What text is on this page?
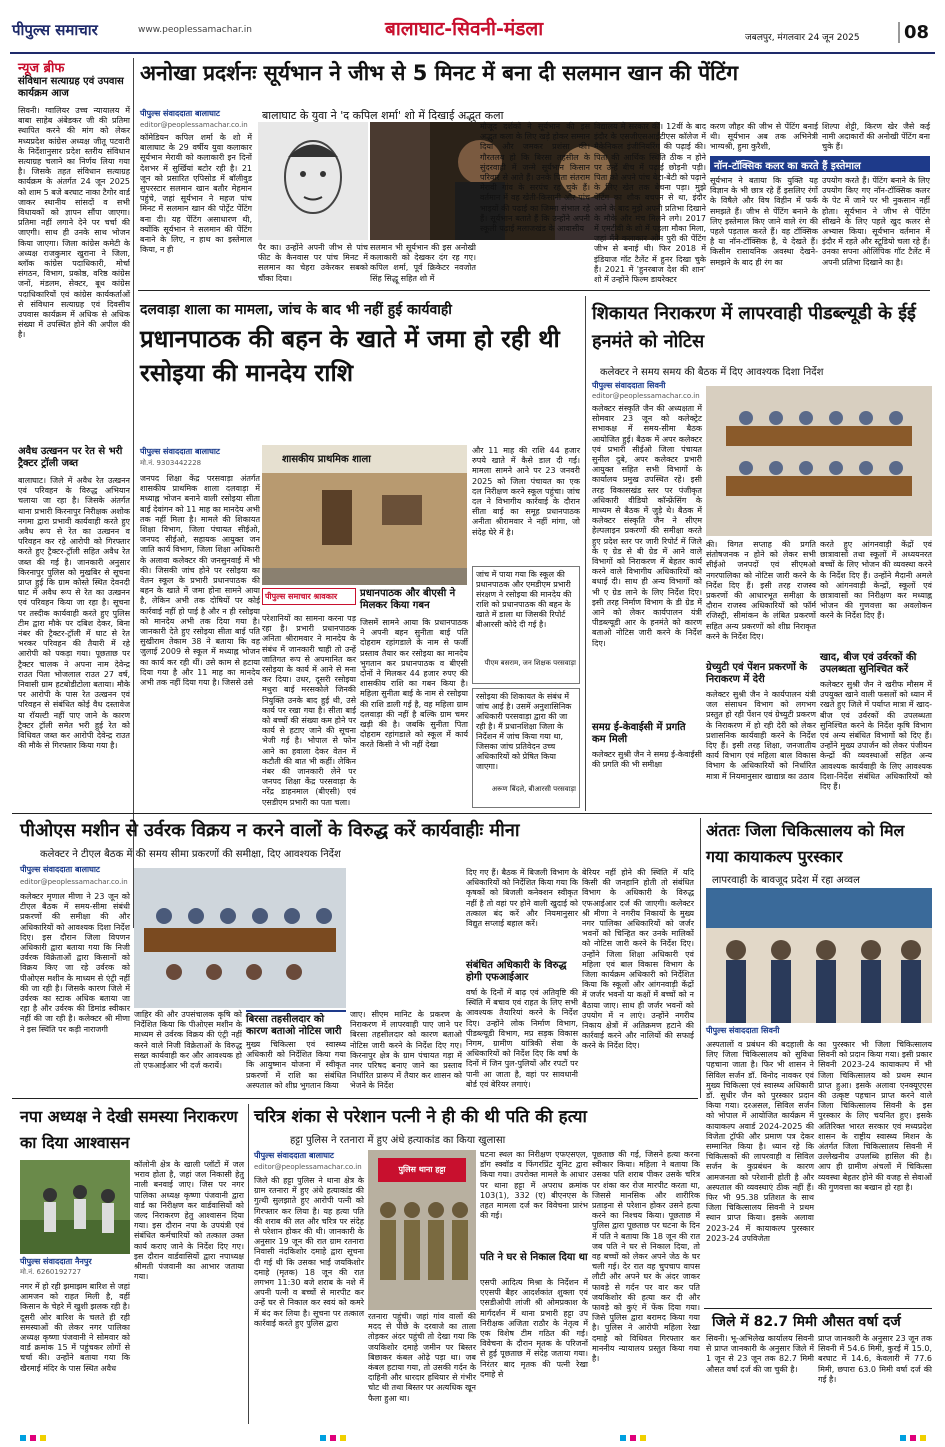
पीपुल्स समाचार	www.peoplessamachar.in	बालाघाट-सिवनी-मंडला	जबलपुर, मंगलवार 24 जून 2025	08
न्यूज ब्रीफ
संविधान सत्याग्रह एवं उपवास कार्यक्रम आज
सिवनी। ग्वालियर उच्च न्यायालय में बाबा साहेब अंबेडकर जी की प्रतिमा स्थापित करने की मांग को लेकर मध्यप्रदेश कांग्रेस अध्यक्ष जीतू पटवारी के निर्देशानुसार प्रदेश स्तरीय संविधान सत्याग्रह चलाने का निर्णय लिया गया है। जिसके तहत संविधान सत्याग्रह कार्यक्रम के अंतर्गत 24 जून 2025 को शाम 5 बजे बरघाट नाका टैगोर वार्ड जाकर स्थानीय सांसदों व सभी विधायकों को ज्ञापन सौंपा जाएगा। प्रतिमा नहीं लगाने देने पर चर्चा की जाएगी। साथ ही उनके साथ भोजन किया जाएगा। जिला कांग्रेस कमेटी के अध्यक्ष राजकुमार खुराना ने जिला, ब्लॉक कांग्रेस पदाधिकारी, मोर्चा संगठन, विभाग, प्रकोष्ठ, वरिष्ठ कांग्रेस जनों, मंडलम, सेक्टर, बूथ कांग्रेस पदाधिकारियों एवं कांग्रेस कार्यकर्ताओं से संविधान सत्याग्रह एवं दिवसीय उपवास कार्यक्रम में अधिक से अधिक संख्या में उपस्थित होने की अपील की है।
अवैध उत्खनन पर रेत से भरी ट्रैक्टर ट्रॉली जब्त
बालाघाट। जिले में अवैध रेत उत्खनन एवं परिवहन के विरुद्ध अभियान चलाया जा रहा है। जिसके अंतर्गत थाना प्रभारी किरनापुर निरीक्षक अशोक नगमा द्वारा प्रभावी कार्यवाही करते हुए अवैध रूप से रेत का उत्खनन व परिवहन कर रहे आरोपी को गिरफ्तार करते हुए ट्रैक्टर-ट्रॉली सहित अवैध रेत जब्त की गई है। जानकारी अनुसार किरनापुर पुलिस को मुखबिर से सूचना प्राप्त हुई कि ग्राम कोस्ते स्थित देवनदी घाट में अवैध रूप से रेत का उत्खनन एवं परिवहन किया जा रहा है। सूचना पर तस्दीक कार्यवाही करते हुए पुलिस टीम द्वारा मौके पर दबिश देकर, बिना नंबर की ट्रैक्टर-ट्रॉली में घाट से रेत भरकर परिवहन की तैयारी में रहे आरोपी को पकड़ा गया। पूछताछ पर ट्रैक्टर चालक ने अपना नाम देवेन्द्र राउत पिता भोजलाल राउत 27 वर्ष, निवासी ग्राम हटबोडीटोला बताया। मौके पर आरोपी के पास रेत उत्खनन एवं परिवहन से संबंधित कोई वैध दस्तावेज या रॉयल्टी नहीं पाए जाने के कारण ट्रैक्टर ट्रॉली समेत भरी हुई रेत को विधिवत जब्त कर आरोपी देवेन्द्र राउत की मौके से गिरफ्तार किया गया है।
अनोखा प्रदर्शनः सूर्यभान ने जीभ से 5 मिनट में बना दी सलमान खान की पेंटिंग
बालाघाट के युवा ने 'द कपिल शर्मा' शो में दिखाई अद्भुत कला
पीपुल्स संवाददाता बालाघाट
editor@peoplessamachar.co.in
कॉमेडियन कपिल शर्मा के शो में बालाघाट के 29 वर्षीय युवा कलाकार सूर्यभान मेरावी को कलाकारी इन दिनों देशभर में सुर्खियां बटोर रही है। 21 जून को प्रसारित एपिसोड में बॉलीवुड सुपरस्टार सलमान खान बतौर मेहमान पहुंचे, जहां सूर्यभान ने महज पांच मिनट में सलमान खान की पोर्ट्रेट पेंटिंग बना दी। यह पेंटिंग असाधारण थी, क्योंकि सूर्यभान ने सलमान की पेंटिंग बनाने के लिए, न हाथ का इस्तेमाल किया, न ही	पैर का। उन्होंने अपनी जीभ से पांच फीट के कैनवास पर पांच मिनट में सलमान का चेहरा उकेरकर सबको चौंका दिया।
सलमान भी सूर्यभान की इस अनोखी कलाकारी को देखकर दंग रह गए। कपिल शर्मा, पूर्व क्रिकेटर नवजोत सिंह सिद्धू सहित शो में
मौजूद दर्शकों ने सूर्यभान की इस अद्भुत कला के लिए खड़े होकर सम्मान दिया और जमकर प्रशंसा की। गौरतलब हो कि बिरसा तहसील के सुंदरवाही में जन्मे सूर्यभान किसान परिवार से आते हैं। उनके पिता संतराम मेरावी गांव के सरपंच रह चुके हैं। वर्तमान में वह खेती-किसानी और पांच भाइयों की पढ़ाई का जिम्मा संभाल रहे हैं। सूर्यभान बताते हैं कि उन्होंने अपनी स्कूली पढ़ाई मलाजखंड के आवासीय
विद्यालय में सरकार की। 12वीं के बाद इंदौर के एसजीएसआईटीएस कॉलेज में मैकेनिकल इंजीनियरिंग की पढ़ाई की। पिता की आर्थिक स्थिति ठीक न होने पर उन्हें बीच में पढ़ाई छोड़नी पड़ी। पिता को अपने पांच बेटा-बेटी को पढ़ाने के लिए खेत तक बेचना पड़ा। मुझे पेंटिंग का शौक बचपन से था, इंदौर आने के बाद मुझे अपनी प्रतिभा दिखाने के मौके और मंच मिलने लगे। 2017 में एमटीवी के शो में पहला मौका मिला, जहां मैंने कलाकार ओम पुरी की पेंटिंग जीभ से बनाई थी। फिर 2018 में इंडियाज गॉट टैलेंट में हुनर दिखा चुके हैं। 2021 में 'हुनरबाज देश की शान' शो में उन्होंने फिल्म डायरेक्टर
करण जौहर की जीभ से पेंटिंग बनाई थी। सूर्यभान अब तक अभिनेत्री भाग्यश्री, हुमा कुरैशी,
शिल्पा शेट्टी, किरण खेर जैसे कई नामी अदाकारों की अनोखी पेंटिंग बना चुके हैं।
नॉन-टॉक्सिक कलर का करते हैं इस्तेमाल
सूर्यभान ने बताया कि युक्ति यह विज्ञान के भी छात्र रहे हैं इसलिए रंगों के विषैले और विष विहीन में फर्क समझते हैं। जीभ से पेंटिंग बनाने के लिए इस्तेमाल किए जाने वाले रंग की पहले पड़ताल करते हैं। वह टॉक्सिक है या नॉन-टॉक्सिक है, ये देखते हैं। किसीम रासायनिक अवस्था देखने-समझने के बाद ही रंग का
उपयोग करते हैं। पेंटिंग बनाने के लिए उपयोग किए गए नॉन-टॉक्सिक कलर के पेट में जाने पर भी नुकसान नहीं होता। सूर्यभान ने जीभ से पेंटिंग सीखने के लिए पहले खुद कलर से अभ्यास किया। सूर्यभान वर्तमान में इंदौर में रहते और स्टूडियो चला रहे हैं। उनका सपना ओलिंपिक गॉट टैलेंट में अपनी प्रतिभा दिखाने का है।
दलवाड़ा शाला का मामला, जांच के बाद भी नहीं हुई कार्यवाही
प्रधानपाठक की बहन के खाते में जमा हो रही थी रसोइया की मानदेय राशि
पीपुल्स संवाददाता बालाघाट
मो.नं. 9303442228
जनपद शिक्षा केंद्र परसवाड़ा अंतर्गत शासकीय प्राथमिक शाला दलवाड़ा में मध्याह्न भोजन बनाने वाली रसोइया सीता बाई देवांगन को 11 माह का मानदेय अभी तक नहीं मिला है। मामले की शिकायत शिक्षा विभाग, जिला पंचायत सीईओ, जनपद सीईओ, सहायक आयुक्त जन जाति कार्य विभाग, जिला शिक्षा अधिकारी के अलावा कलेक्टर की जनसुनवाई में भी की। जिसकी जांच होने पर रसोइया का वेतन स्कूल के प्रभारी प्रधानपाठक की बहन के खाते में जमा होना सामने आया है, लेकिन अभी तक दोषियों पर कोई कार्रवाई नहीं हो पाई है और न ही रसोइया को मानदेय अभी तक दिया गया है। जानकारी देते हुए रसोइया सीता बाई पति सुखीराम तेकाम 38 ने बताया कि वह जुलाई 2009 से स्कूल में मध्याह्न भोजन का कार्य कर रही थीं। उसे काम से हटाया दिया गया है और 11 माह का मानदेय अभी तक नहीं दिया गया है। जिससे उसे
शासकीय प्राथमिक शाला
पीपुल्स समाचार श्रावकार
परेशानियों का सामना करना पड़ रहा है। प्रभारी प्रधानपाठक अनिता श्रीरामवार ने मानदेय के संबंध में जानकारी चाही तो उन्हें जातिगत रूप से अपमानित कर रसोइया के कार्य में आने से मना कर दिया। उधर, दूसरी रसोइया मथुरा बाई मरसकोले जिनकी नियुक्ति उनके बाद हुई थी, उसे कार्य पर रखा गया है। सीता बाई को बच्चों की संख्या कम होने पर कार्य से हटाए जाने की सूचना भेजी गई है। भोपाल से फोन आने का हवाला देकर वेतन में कटौती की बात भी कहीं। लेकिन नंबर की जानकारी लेने पर जनपद शिक्षा केंद्र परसवाड़ा के नरेंद्र डाहनमाल (बीएसी) एवं एसडीएम प्रभारी का पता चला।
प्रधानपाठक और बीएसी ने मिलकर किया गबन
जिसमें सामने आया कि प्रधानपाठक ने अपनी बहन सुनीता बाई पति दोहराम रहांगडाले के नाम से फर्जी प्रस्ताव तैयार कर रसोइया का मानदेय भुगतान कर प्रधानपाठक व बीएसी दोनों ने मिलकर 44 हजार रुपए की शासकीय राशि का गबन किया है। महिला सुनीता बाई के नाम से रसोइया की राशि डाली गई है, वह महिला ग्राम दलवाड़ा की नहीं है बल्कि ग्राम चमर खड़ी की है। जबकि सुनीता पिता दोहराम रहांगडाले को स्कूल में कार्य करते किसी ने भी नहीं देखा
और 11 माह की राशि 44 हजार रुपये खाते में कैसे डाल दी गई। मामला सामने आने पर 23 जनवरी 2025 को जिला पंचायत का एक दल निरीक्षण करने स्कूल पहुंचा। जांच दल ने विभागीय कार्रवाई के दौरान सीता बाई का समूह प्रधानपाठक अनीता श्रीरामवार ने नहीं मांगा, जो संदेह घेरे में है।
जांच में पाया गया कि स्कूल की प्रधानपाठक और एमडीएम प्रभारी संरक्षण ने रसोइया की मानदेय की राशि को प्रधानपाठक की बहन के खाते में डाला था जिसकी रिपोर्ट बीआरसी कोदे दी गई है।
पीएम बसराम, जन शिक्षक परसवाड़ा
रसोइया की शिकायत के संबंध में जांच आई है। उसमें अनुशासिनिक अधिकारी परसवाड़ा द्वारा की जा रही है। मैं प्रधानशिक्षा जिला के निर्देशन में जांच किया गया था, जिसका जांच प्रतिवेदन उच्च अधिकारियों को प्रेषित किया जाएगा।
अरूण बिंदले, बीआरसी परसवाड़ा
शिकायत निराकरण में लापरवाही पीडब्ल्यूडी के ईई हनमंते को नोटिस
कलेक्टर ने समय समय की बैठक में दिए आवश्यक दिशा निर्देश
पीपुल्स संवाददाता सिवनी
editor@peoplessamachar.co.in
कलेक्टर संस्कृति जैन की अध्यक्षता में सोमवार 23 जून को कलेक्ट्रेट सभाकक्ष में समय-सीमा बैठक आयोजित हुई। बैठक में अपर कलेक्टर एवं प्रभारी सीईओ जिला पंचायत सुनील दुबे, अपर कलेक्टर प्रभारी आयुक्त सहित सभी विभागों के कार्यालय प्रमुख उपस्थित रहे। इसी तरह विकासखंड स्तर पर पंजीकृत अधिकारी वीडियो कॉन्फ्रेंसिंग के माध्यम से बैठक में जुड़े थे। बैठक में कलेक्टर संस्कृति जैन ने सीएम हेल्पलाइन प्रकरणों की समीक्षा करते हुए प्रदेश स्तर पर जारी रिपोर्ट में जिले के ए ग्रेड से बी ग्रेड में आने वाले विभागों को निराकरण में बेहतर कार्य करने वाले विभागीय अधिकारियों को बधाई दी। साथ ही अन्य विभागों को भी ए ग्रेड लाने के लिए निर्देश दिए। इसी तरह निर्माण विभाग के डी ग्रेड में आने को लेकर कार्यपालन यंत्री पीडब्ल्यूडी आर के हनमंते को कारण बताओ नोटिस जारी करने के निर्देश दिए।
समग्र ई-केवाईसी में प्रगति कम मिली
कलेक्टर सुश्री जैन ने समग्र ई-केवाईसी की प्रगति की भी समीक्षा
की। विगत सप्ताह की प्रगति संतोषजनक न होने को लेकर सभी सीईओ जनपदों एवं सीएमओ नगरपालिका को नोटिस जारी करने के निर्देश दिए हैं। इसी तरह राजस्व प्रकरणों की आधारभूत समीक्षा के दौरान राजस्व अधिकारियों को फॉर्म रजिस्ट्री, सीमांकन के लंबित प्रकरणों सहित अन्य प्रकरणों को शीघ्र निराकृत करने के निर्देश दिए।
ग्रेच्युटी एवं पेंशन प्रकरणों के निराकरण में देरी
कलेक्टर सुश्री जैन ने कार्यपालन यंत्री जल संसाधन विभाग को लगभग प्रस्तुत हो रही पेंशन एवं ग्रेच्युटी प्रकरण के निराकरण में हो रही देरी को लेकर प्रशासनिक कार्यवाही करने के निर्देश दिए हैं। इसी तरह शिक्षा, जनजातीय कार्य विभाग एवं महिला बाल विकास विभाग के अधिकारियों को निर्धारित मात्रा में नियमानुसार खाद्यान्न का उठाव
करते हुए आंगनवाड़ी केंद्रों एवं छात्रावासों तथा स्कूलों में अध्ययनरत बच्चों के लिए भोजन की व्यवस्था करने के निर्देश दिए हैं। उन्होंने मैदानी अमले को आंगनवाड़ी केन्द्रों, स्कूलों एवं छात्रावासों का निरीक्षण कर मध्याह्न भोजन की गुणवत्ता का अवलोकन करने के निर्देश दिए हैं।
खाद, बीज एवं उर्वरकों की उपलब्धता सुनिश्चित करें
कलेक्टर सुश्री जैन ने खरीफ मौसम में उपयुक्त खाने वाली फसलों को ध्यान में रखते हुए जिले में पर्याप्त मात्रा में खाद-बीज एवं उर्वरकों की उपलब्धता सुनिश्चित करने के निर्देश कृषि विभाग एवं अन्य संबंधित विभागों को दिए हैं। उन्होंने मुख्य उपार्जन को लेकर पंजीयन केन्द्रों की व्यवस्थाओं सहित अन्य आवश्यक कार्यवाही के लिए आवश्यक दिशा-निर्देश संबंधित अधिकारियों को दिए हैं।
पीओएस मशीन से उर्वरक विक्रय न करने वालों के विरुद्ध करें कार्यवाहीः मीना
कलेक्टर ने टीएल बैठक में की समय सीमा प्रकरणों की समीक्षा, दिए आवश्यक निर्देश
पीपुल्स संवाददाता बालाघाट
editor@peoplessamachar.co.in
कलेक्टर मृणाल मीणा ने 23 जून को टीएल बैठक में समय-सीमा संबंधी प्रकरणों की समीक्षा की और अधिकारियों को आवश्यक दिशा निर्देश दिए। इस दौरान जिला विपणन अधिकारी द्वारा बताया गया कि निजी उर्वरक विक्रेताओं द्वारा किसानों को विक्रय किए जा रहे उर्वरक को पीओएस मशीन के माध्यम से एंट्री नहीं की जा रही है। जिसके कारण जिले में उर्वरक का स्टाक अधिक बताया जा रहा है और उर्वरक की डिमांड स्वीकार नहीं की जा रही है। कलेक्टर श्री मीणा ने इस स्थिति पर कड़ी नाराजगी
जाहिर की और उपसंचालक कृषि को निर्देशित किया कि पीओएस मशीन के माध्यम से उर्वरक विक्रय की एंट्री नहीं करने वाले निजी विक्रेताओं के विरुद्ध सख्त कार्यवाही कर और आवश्यक हो तो एफआईआर भी दर्ज करायें।
बिरसा तहसीलदार को कारण बताओ नोटिस जारी
मुख्य चिकित्सा एवं स्वास्थ्य अधिकारी को निर्देशित किया गया कि आयुष्मान योजना में स्वीकृत प्रकरणों में राशि का संबंधित अस्पताल को शीघ्र भुगतान किया
जाए। सीएम मानिट के प्रकरण के निराकरण में लापरवाही पाए जाने पर बिरसा तहसीलदार को कारण बताओ नोटिस जारी करने के निर्देश दिए गए। किरनापुर क्षेत्र के ग्राम पंचायत गड़ा में नगर परिषद बनाए जाने का प्रस्ताव निर्धारित प्रारूप में तैयार कर शासन को भेजने के निर्देश
दिए गए हैं। बैठक में बिजली विभाग के अधिकारियों को निर्देशित किया गया कि कृषकों को बिजली कनेक्शन स्वीकृत नहीं है तो वहां पर होने वाली खुदाई को तत्काल बंद करें और नियमानुसार विद्युत सप्लाई बहाल करें।
संबंधित अधिकारी के विरुद्ध होगी एफआईआर
वर्षा के दिनों में बाढ़ एवं अतिवृष्टि की स्थिति में बचाव एवं राहत के लिए सभी आवश्यक तैयारियां करने के निर्देश दिए। उन्होंने लोक निर्माण विभाग, पीडब्ल्यूडी विभाग, मप्र सड़क विकास निगम, ग्रामीण यांत्रिकी सेवा के अधिकारियों को निर्देश दिए कि वर्षा के दिनों में जिन पुल-पुलियों और रपटों पर पानी आ जाता है, वहां पर सावधानी बोर्ड एवं बेरियर लगाएं।
बेरियर नहीं होने की स्थिति में यदि किसी की जनहानि होती तो संबंधित विभाग के अधिकारी के विरुद्ध एफआईआर दर्ज की जाएगी। कलेक्टर श्री मीणा ने नगरीय निकायों के मुख्य नगर पालिका अधिकारियों को जर्जर भवनों को चिन्हित कर उनके मालिकों को नोटिस जारी करने के निर्देश दिए। उन्होंने जिला शिक्षा अधिकारी एवं महिला एवं बाल विकास विभाग के जिला कार्यक्रम अधिकारी को निर्देशित किया कि स्कूलों और आंगनवाड़ी केंद्रों में जर्जर भवनों या कक्षों में बच्चों को न बैठाया जाए। साथ ही जर्जर भवनों को उपयोग में न लाएं। उन्होंने नगरीय निकाय क्षेत्रों में अतिक्रमण हटाने की कार्रवाई करने और नालियों की सफाई करने के निर्देश दिए।
अंततः जिला चिकित्सालय को मिल गया कायाकल्प पुरस्कार
लापरवाही के बावजूद प्रदेश में रहा अव्वल
पीपुल्स संवाददाता सिवनी
अस्पतालों व प्रबंधन की बदहाली के लिए जिला चिकित्सालय को सुविधा पहचाना जाता है। फिर भी शासन ने सिविल सर्जन डॉ. विनोद नावकर एवं मुख्य चिकित्सा एवं स्वास्थ्य अधिकारी डॉ. सुधीर जैन को पुरस्कार प्रदान किया गया। दरअसल, सिविल सर्जन को भोपाल में आयोजित कार्यक्रम में कायाकल्प अवार्ड 2024-2025 की विजेता ट्रॉफी और प्रमाण पत्र देकर सम्मानित किया है। ध्यान रहे कि चिकित्सकों की लापरवाही व सिविल सर्जन के कुप्रबंधन के कारण आमजनता को परेशानी होती है और अस्पताल की व्यवस्थाएं ठीक नहीं हैं। फिर भी 95.38 प्रतिशत के साथ जिला चिकित्सालय सिवनी ने प्रथम स्थान प्राप्त किया। इसके अलावा 2023-24 में कायाकल्प पुरस्कार 2023-24 उपविजेता
का पुरस्कार भी जिला चिकित्सालय सिवनी को प्रदान किया गया। इसी प्रकार सिवनी 2023-24 कायाकल्प में भी जिला चिकित्सालय को प्रथम स्थान प्राप्त हुआ। इसके अलावा एनक्यूएएस की उत्कृष्ट पहचान प्राप्त करने वाले जिला चिकित्सालय सिवनी के इस पुरस्कार के लिए चयनित हुए। इसके अतिरिक्त भारत सरकार एवं मध्यप्रदेश शासन के राष्ट्रीय स्वास्थ्य मिशन के अंतर्गत जिला चिकित्सालय सिवनी में उल्लेखनीय उपलब्धि हासिल की है। आप ही ग्रामीण अंचलों में चिकित्सा व्यवस्था बेहतर होने की वजह से सेवाओं की गुणवत्ता का बखान हो रहा है।
नपा अध्यक्ष ने देखी समस्या निराकरण का दिया आश्वासन
पीपुल्स संवाददाता नैनपुर
मो.नं. 6260192727
नगर में हो रही झमाझम बारिश से जहां आमजन को राहत मिली है, वहीं किसान के चेहरे में खुशी झलक रही है। दूसरी ओर बारिश के चलते ही रही समस्याओं की लेकर नगर पालिका अध्यक्ष कृष्णा पंजवानी ने सोमवार को वार्ड क्रमांक 15 में पहुंचकर लोगों से चर्चा की। उन्होंने बताया गया कि खैरमाई मंदिर के पास स्थित अवैध
कॉलोनी क्षेत्र के खाली प्लॉटों में जल भराव होता है, जहां जल निकासी हेतु नाली बनवाई जाए। जिस पर नगर पालिका अध्यक्ष कृष्णा पंजवानी द्वारा वार्ड का निरीक्षण कर वार्डवासियों को जल्द निराकरण हेतु आश्वासन दिया गया। इस दौरान नपा के उपयंत्री एवं संबंधित कर्मचारियों को तत्काल उक्त कार्य कराए जाने के निर्देश दिए गए। इस दौरान वार्डवासियों द्वारा नपाध्यक्ष श्रीमती पंजवानी का आभार जताया गया।
चरित्र शंका से परेशान पत्नी ने ही की थी पति की हत्या
हट्टा पुलिस ने रतनारा में हुए अंधे हत्याकांड का किया खुलासा
पीपुल्स संवाददाता बालाघाट
editor@peoplessamachar.co.in
जिले की हट्टा पुलिस ने थाना क्षेत्र के ग्राम रतनारा में हुए अंधे हत्याकांड की गुत्थी सुलझाते हुए आरोपी पत्नी को गिरफ्तार कर लिया है। यह हत्या पति की शराब की लत और चरित्र पर संदेह से परेशान होकर की थी। जानकारी के अनुसार 19 जून की रात ग्राम रतनारा निवासी नंदकिशोर दमाहे द्वारा सूचना दी गई थी कि उसका भाई जयकिशोर दमाहे (मृतक) 18 जून की रात लगभग 11:30 बजे शराब के नशे में अपनी पत्नी व बच्चों से मारपीट कर उन्हें घर से निकाल कर स्वयं को कमरे में बंद कर लिया है। सूचना पर तत्काल कार्रवाई करते हुए पुलिस द्वारा
पुलिस थाना हट्टा
रतनारा पहुंची। जहां गांव वालों की मदद से पीछे के दरवाजे का ताला तोड़कर अंदर पहुंची तो देखा गया कि जयकिशोर दमाहे जमीन पर बिस्तर बिछाकर कंबल ओढ़े पड़ा था। जब कंबल हटाया गया, तो उसकी गर्दन के दाहिनी और धारदार हथियार से गंभीर चोट थी तथा बिस्तर पर अत्यधिक खून फैला हुआ था।
घटना स्थल का निरीक्षण एफएसएल, डॉग स्क्वॉड व फिंगरप्रिंट यूनिट द्वारा किया गया। उपरोक्त मामले के आधार पर थाना हट्टा में अपराध क्रमांक 103(1), 332 (ए) बीएनएस के तहत मामला दर्ज कर विवेचना प्रारंभ की गई।
पति ने घर से निकाल दिया था
एसपी आदित्य मिश्रा के निर्देशन में एएसपी बैहर आदर्शकांत शुक्ला एवं एसडीओपी लांजी श्री ओमप्रकाश के मार्गदर्शन में थाना प्रभारी हट्टा उप निरीक्षक अजिता राठौर के नेतृत्व में एक विशेष टीम गठित की गई। विवेचना के दौरान मृतक के परिजनों से हुई पूछताछ में संदेह जताया गया। निरंतर बाद मृतक की पत्नी रेखा दमाहे से
पूछताछ की गई, जिसने हत्या करना स्वीकार किया। महिला ने बताया कि उसका पति शराब पीकर उसके चरित्र पर शंका कर रोज मारपीट करता था, जिससे मानसिक और शारीरिक प्रताड़ना से परेशान होकर उसने हत्या करने का निश्चय किया। पूछताछ में पुलिस द्वारा पूछताछ पर घटना के दिन में पति ने बताया कि 18 जून की रात जब पति ने घर से निकाल दिया, तो वह बच्चों को लेकर अपने जेठ के घर चली गई। देर रात वह चुपचाप वापस लौटी और अपने घर के अंदर जाकर फावड़े से गर्दन पर वार कर पति जयकिशोर की हत्या कर दी और फावड़े को कुएं में फेंक दिया गया। जिसे पुलिस द्वारा बरामद किया गया है। पुलिस ने आरोपी महिला रेखा दमाहे को विधिवत गिरफ्तार कर माननीय न्यायालय प्रस्तुत किया गया है।
जिले में 82.7 मिमी औसत वर्षा दर्ज
सिवनी। भू-अभिलेख कार्यालय सिवनी से प्राप्त जानकारी के अनुसार जिले में 1 जून से 23 जून तक 82.7 मिमी औसत वर्षा दर्ज की जा चुकी है।
प्राप्त जानकारी के अनुसार 23 जून तक सिवनी में 54.6 मिमी, कुरई में 15.0, बरघाट में 14.6, केवलारी में 77.6 मिमी, छपारा 63.0 मिमी वर्षा दर्ज की गई है।
